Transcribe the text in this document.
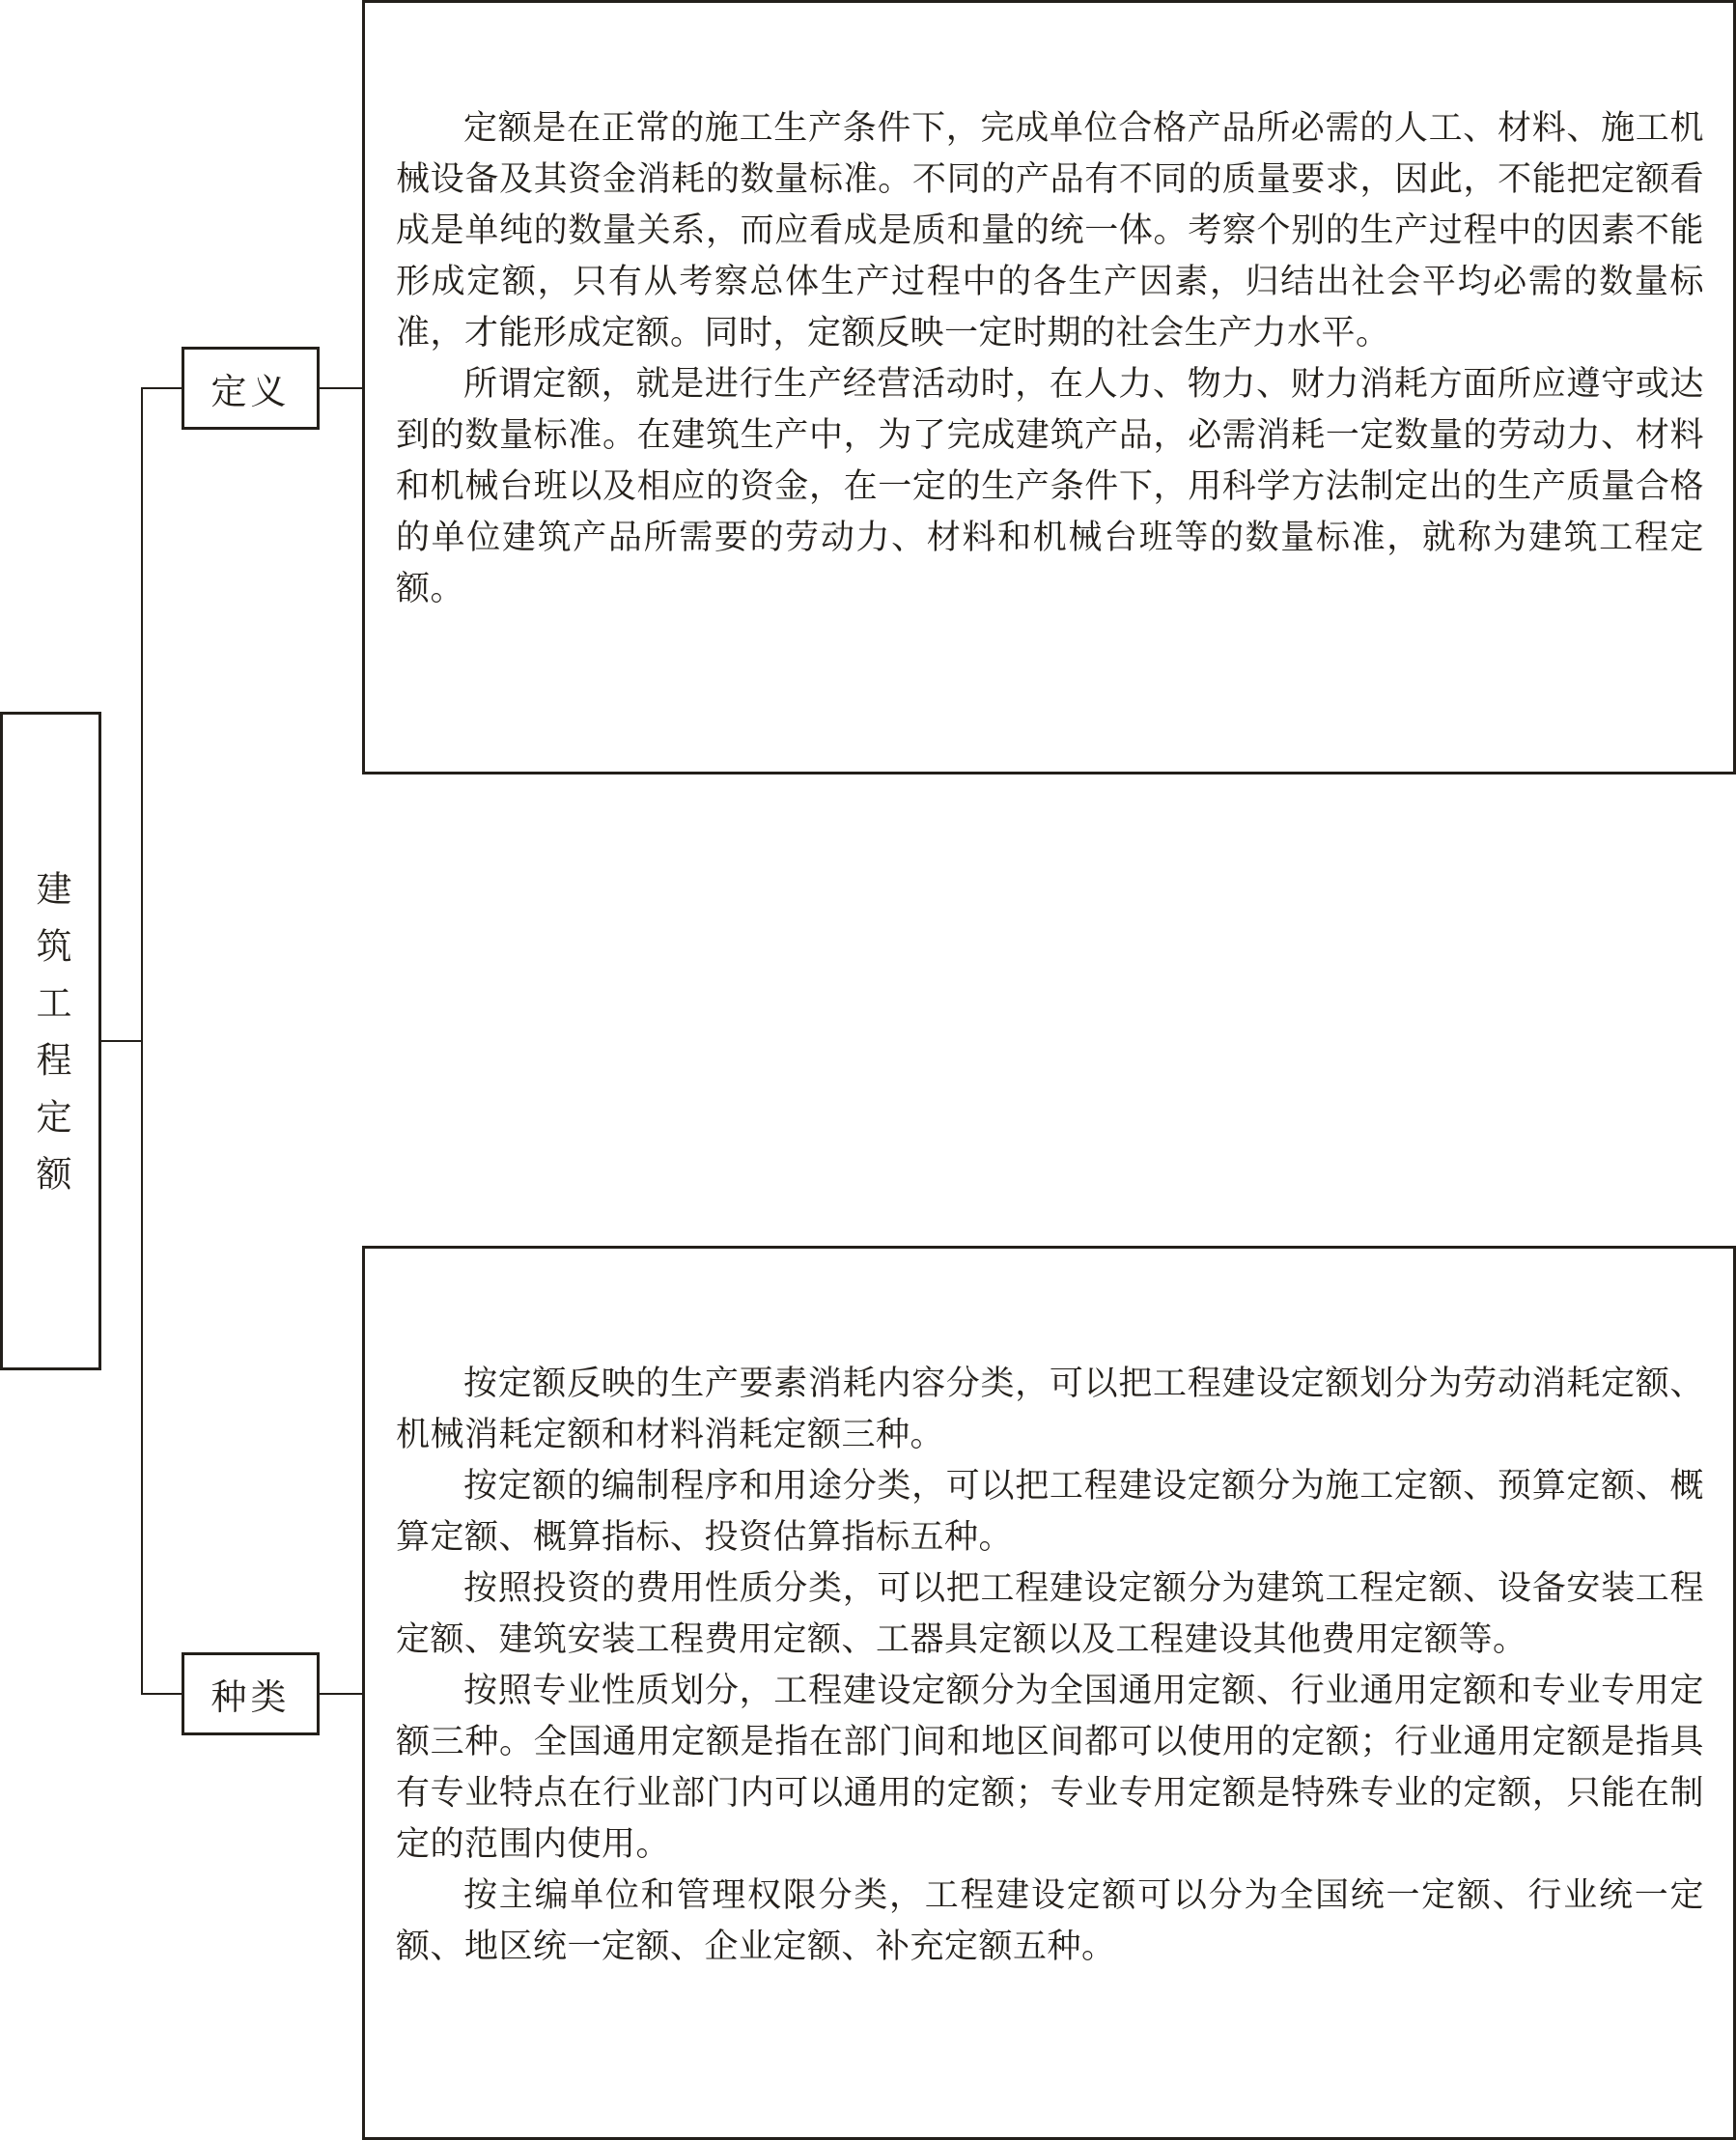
建筑工程定额
定义
种类

定额是在正常的施工生产条件下，完成单位合格产品所必需的人工、材料、施工机械设备及其资金消耗的数量标准。不同的产品有不同的质量要求，因此，不能把定额看成是单纯的数量关系，而应看成是质和量的统一体。考察个别的生产过程中的因素不能形成定额，只有从考察总体生产过程中的各生产因素，归结出社会平均必需的数量标准，才能形成定额。同时，定额反映一定时期的社会生产力水平。

所谓定额，就是进行生产经营活动时，在人力、物力、财力消耗方面所应遵守或达到的数量标准。在建筑生产中，为了完成建筑产品，必需消耗一定数量的劳动力、材料和机械台班以及相应的资金，在一定的生产条件下，用科学方法制定出的生产质量合格的单位建筑产品所需要的劳动力、材料和机械台班等的数量标准，就称为建筑工程定额。

按定额反映的生产要素消耗内容分类，可以把工程建设定额划分为劳动消耗定额、机械消耗定额和材料消耗定额三种。

按定额的编制程序和用途分类，可以把工程建设定额分为施工定额、预算定额、概算定额、概算指标、投资估算指标五种。

按照投资的费用性质分类，可以把工程建设定额分为建筑工程定额、设备安装工程定额、建筑安装工程费用定额、工器具定额以及工程建设其他费用定额等。

按照专业性质划分，工程建设定额分为全国通用定额、行业通用定额和专业专用定额三种。全国通用定额是指在部门间和地区间都可以使用的定额；行业通用定额是指具有专业特点在行业部门内可以通用的定额；专业专用定额是特殊专业的定额，只能在制定的范围内使用。

按主编单位和管理权限分类，工程建设定额可以分为全国统一定额、行业统一定额、地区统一定额、企业定额、补充定额五种。
